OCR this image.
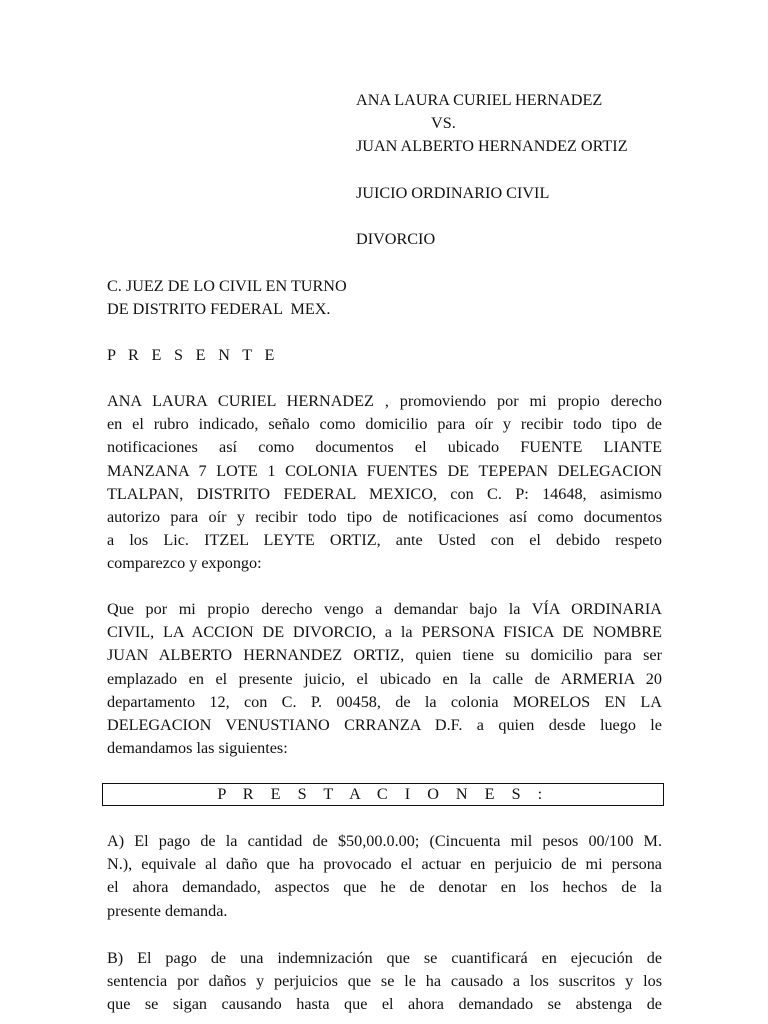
ANA LAURA CURIEL HERNADEZ
VS.
JUAN ALBERTO HERNANDEZ ORTIZ
JUICIO ORDINARIO CIVIL
DIVORCIO
C. JUEZ DE LO CIVIL EN TURNO
DE DISTRITO FEDERAL  MEX.
P R E S E N T E
ANA LAURA CURIEL HERNADEZ , promoviendo por mi propio derecho
en el rubro indicado, señalo como domicilio para oír y recibir todo tipo de
notificaciones así como documentos el ubicado FUENTE LIANTE
MANZANA 7 LOTE 1 COLONIA FUENTES DE TEPEPAN DELEGACION
TLALPAN, DISTRITO FEDERAL MEXICO, con C. P: 14648, asimismo
autorizo para oír y recibir todo tipo de notificaciones así como documentos
a los Lic. ITZEL LEYTE ORTIZ, ante Usted con el debido respeto
comparezco y expongo:
Que por mi propio derecho vengo a demandar bajo la VÍA ORDINARIA
CIVIL, LA ACCION DE DIVORCIO, a la PERSONA FISICA DE NOMBRE
JUAN ALBERTO HERNANDEZ ORTIZ, quien tiene su domicilio para ser
emplazado en el presente juicio, el ubicado en la calle de ARMERIA 20
departamento 12, con C. P. 00458, de la colonia MORELOS EN LA
DELEGACION VENUSTIANO CRRANZA D.F. a quien desde luego le
demandamos las siguientes:
P R E S T A C I O N E S :
A) El pago de la cantidad de $50,00.0.00; (Cincuenta mil pesos 00/100 M.
N.), equivale al daño que ha provocado el actuar en perjuicio de mi persona
el ahora demandado, aspectos que he de denotar en los hechos de la
presente demanda.
B) El pago de una indemnización que se cuantificará en ejecución de
sentencia por daños y perjuicios que se le ha causado a los suscritos y los
que se sigan causando hasta que el ahora demandado se abstenga de
